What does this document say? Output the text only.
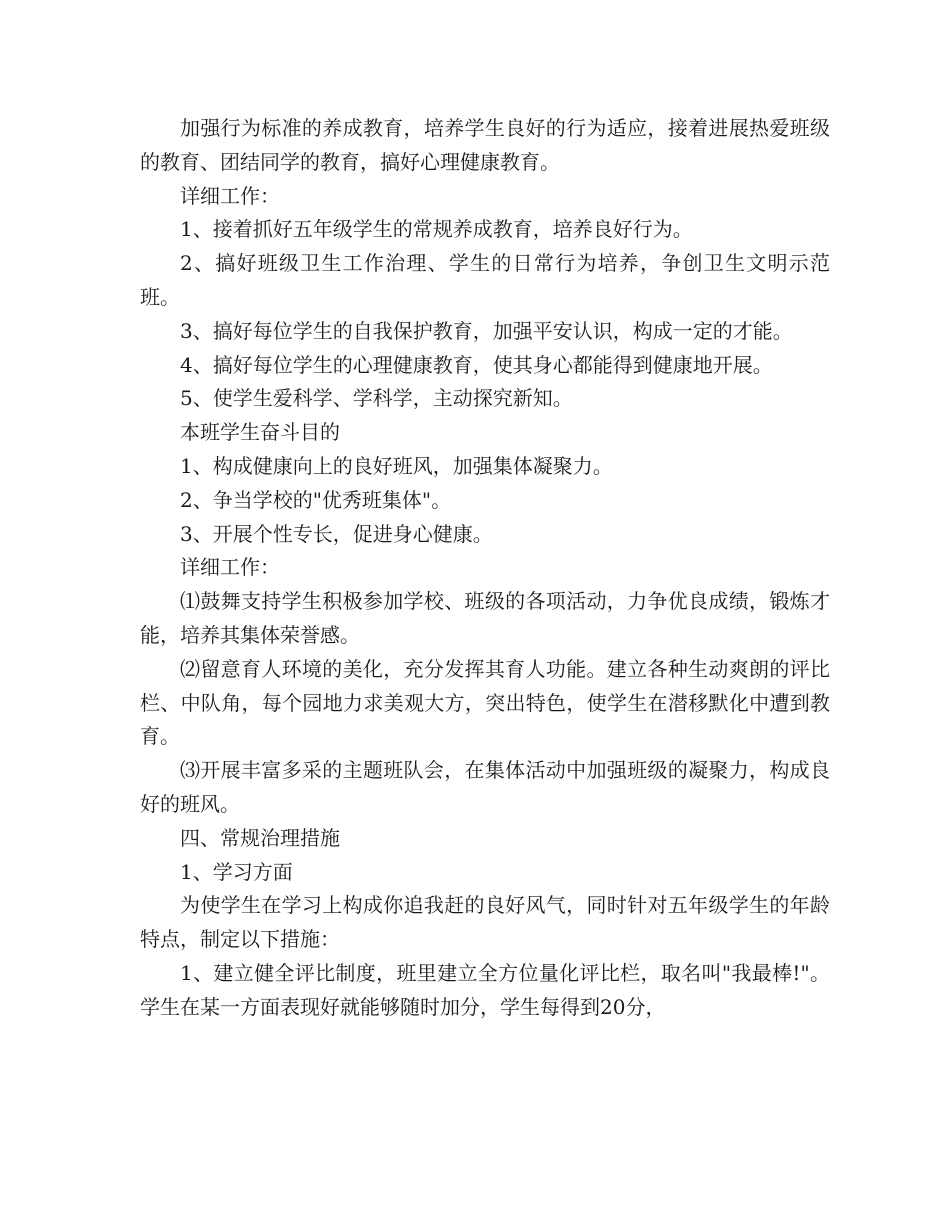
加强行为标准的养成教育，培养学生良好的行为适应，接着进展热爱班级的教育、团结同学的教育，搞好心理健康教育。

详细工作：

1、接着抓好五年级学生的常规养成教育，培养良好行为。

2、搞好班级卫生工作治理、学生的日常行为培养，争创卫生文明示范班。

3、搞好每位学生的自我保护教育，加强平安认识，构成一定的才能。

4、搞好每位学生的心理健康教育，使其身心都能得到健康地开展。

5、使学生爱科学、学科学，主动探究新知。

本班学生奋斗目的

1、构成健康向上的良好班风，加强集体凝聚力。

2、争当学校的"优秀班集体"。

3、开展个性专长，促进身心健康。

详细工作：

⑴鼓舞支持学生积极参加学校、班级的各项活动，力争优良成绩，锻炼才能，培养其集体荣誉感。

⑵留意育人环境的美化，充分发挥其育人功能。建立各种生动爽朗的评比栏、中队角，每个园地力求美观大方，突出特色，使学生在潜移默化中遭到教育。

⑶开展丰富多采的主题班队会，在集体活动中加强班级的凝聚力，构成良好的班风。

四、常规治理措施

1、学习方面

为使学生在学习上构成你追我赶的良好风气，同时针对五年级学生的年龄特点，制定以下措施：

1、建立健全评比制度，班里建立全方位量化评比栏，取名叫"我最棒!"。学生在某一方面表现好就能够随时加分，学生每得到20分，
